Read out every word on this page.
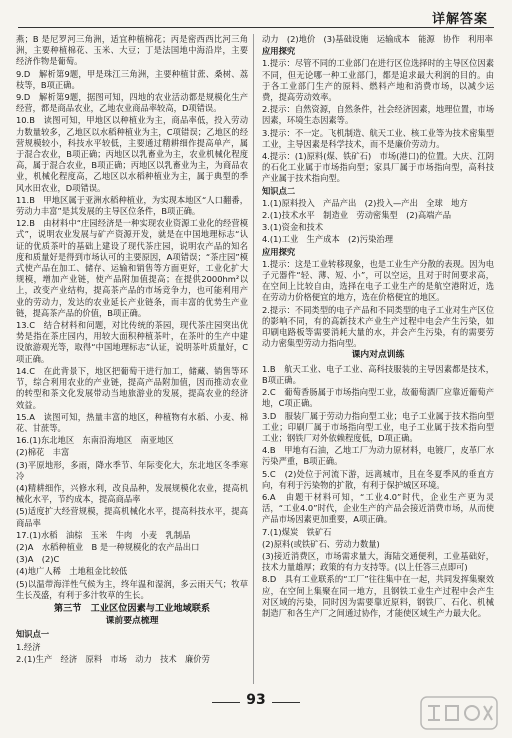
详解答案

燕；B 是尼罗河三角洲，适宜种植棉花；丙是密西西比河三角洲，主要种植棉花、玉米、大豆；丁是法国地中海沿岸，主要经济作物是葡萄。

9.D　解析第9题，甲是珠江三角洲，主要种植甘蔗、桑树、荔枝等，B项正确。

9.D　解析第9题，据图可知，四地的农业活动都是规模化生产经营，都是商品农业，乙地农业商品率较高，D项错误。

10.B　读图可知，甲地区以种植业为主，商品率低，投入劳动力数量较多，乙地区以水稻种植业为主，C项错误；乙地区的经营规模较小，科技水平较低，主要通过精耕细作提高单产，属于混合农业，B项正确；丙地区以乳畜业为主，农业机械化程度高，属于混合农业，B项正确；丙地区以乳畜业为主，为商品农业，机械化程度高，乙地区以水稻种植业为主，属于典型的季风水田农业，D项错误。

11.B　甲地区属于亚洲水稻种植业，为实现本地区“人口翻番，劳动力丰富”是其发展的主导区位条件，B项正确。

12.B　由材料中“庄园经济是一种实现农业资源工业化的经营模式”，说明农业发展与矿产资源开发，就是在中国地理标志“认证的优质茶叶的基础上建设了现代茶庄园，说明农产品的知名度和质量好是得到市场认可的主要原因，A项错误；“茶庄园”模式使产品在加工、储存、运输和销售等方面更好，工业化扩大规模，增加产业链，使产品附加值提高；在提供2000hm²以上，改变产业结构，提高茶产品的市场竞争力，也可能利用产业的劳动力，发达的农业延长产业链条，而丰富的优势生产业链，提高茶产品的价值，B项正确。

13.C　结合材料和问题，对比传统的茶园，现代茶庄园突出优势是指在茶庄园内，用较大面积种植茶叶，在茶叶的生产中建设旅游观光等，取得“中国地理标志”认证，说明茶叶质量好，C项正确。

14.C　在此背景下，地区把葡萄干进行加工，储藏、销售等环节，综合利用农业的产业链，提高产品附加值，因而推动农业的转型和茶文化发展带动当地旅游业的发展，提高农业的经济效益。

15.A　读图可知，热量丰富的地区，种植物有水稻、小麦、棉花、甘蔗等。

16.(1)东北地区　东南沿海地区　南亚地区

(2)棉花　丰富

(3)平原地形，多雨，降水季节、年际变化大，东北地区冬季寒冷

(4)精耕细作，兴修水利，改良品种，发展规模化农业，提高机械化水平，节约成本，提高商品率

(5)适度扩大经营规模，提高机械化水平，提高科技水平，提高商品率

17.(1)水稻　油棕　玉米　牛肉　小麦　乳制品

(2)A　水稻种植业　B 是一种规模化的农产品出口

(3)A　(2)C

(4)地广人稀　土地租金比较低

(5)以温带海洋性气候为主，终年温和湿润，多云雨天气；牧草生长茂盛，有利于多汁牧草的生长。

第三节　工业区位因素与工业地域联系
课前要点梳理

知识点一

1.经济

2.(1)生产　经济　原料　市场　动力　技术　廉价劳

动力　(2)地价　(3)基础设施　运输成本　能源　协作　利用率

应用探究

1.提示：尽管不同的工业部门在进行区位选择时的主导区位因素不同，但无论哪一种工业部门，都是追求最大利润的目的。由于各工业部门生产的原料、燃料产地和消费市场，以减少运费，提高劳动效率。

2.提示：自然资源，自然条件，社会经济因素，地理位置，市场因素，环境生态因素等。

3.提示：不一定。飞机制造、航天工业、核工业等为技术密集型工业，主导因素是科学技术，而不是廉价劳动力。

4.提示：(1)原料(煤、铁矿石)　市场(港口)的位置。大庆、江阴的石化工业属于市场指向型；家具厂属于市场指向型，高科技产业属于技术指向型。

知识点二

1.(1)原料投入　产品产出　(2)投入—产出　全球　地方

2.(1)技术水平　制造业　劳动密集型　(2)高端产品

3.(1)资金和技术

4.(1)工业　生产成本　(2)污染治理

应用探究

1.提示：这是工业转移现象，也是工业生产分散的表现。因为电子元器件“轻、薄、短、小”，可以空运，且对于时间要求高，在空间上比较自由，选择在电子工业生产的是航空港附近，选在劳动力价格便宜的地方，选在价格便宜的地区。

2.提示：不同类型的电子产品和不同类型的电子工业对生产区位的影响不同，有的高新技术产业生产过程中电会产生污染，如印刷电路板等需要消耗大量的水，并会产生污染，有的需要劳动力密集型劳动力指向型。

课内对点训练

1.B　航天工业、电子工业、高科技服装的主导因素都是技术，B项正确。

2.C　葡萄香肠属于市场指向型工业，故葡萄酒厂应靠近葡萄产地，C项正确。

3.D　服装厂属于劳动力指向型工业；电子工业属于技术指向型工业；印刷厂属于市场指向型工业，电子工业属于技术指向型工业；钢铁厂对外依赖程度低，D项正确。

4.B　甲地有石油，乙地工厂为动力原材料，电镀厂，皮革厂水污染严重，B项正确。

5.C　(2)处位于河流下游，远离城市，且在冬夏季风的垂直方向，有利于污染物的扩散，有利于保护城区环境。

6.A　由题干材料可知，“工业4.0”时代，企业生产更为灵活，“工业4.0”时代，企业生产的产品会接近消费市场，从而使产品市场因素更加重要，A项正确。

7.(1)煤炭　铁矿石

(2)原料(或铁矿石、劳动力数量)

(3)接近消费区，市场需求量大，海陆交通便利，工业基础好，技术力量雄厚；政策的有力支持等。(以上任答三点即可)

8.D　具有工业联系的“工厂”往往集中在一起，共同发挥集聚效应，在空间上集聚在同一地方，且钢铁工业生产过程中会产生对区域的污染，同时因为需要靠近原料，钢铁厂、石化、机械制造厂和各生产厂之间通过协作，才能使区域生产力最大化。

93
